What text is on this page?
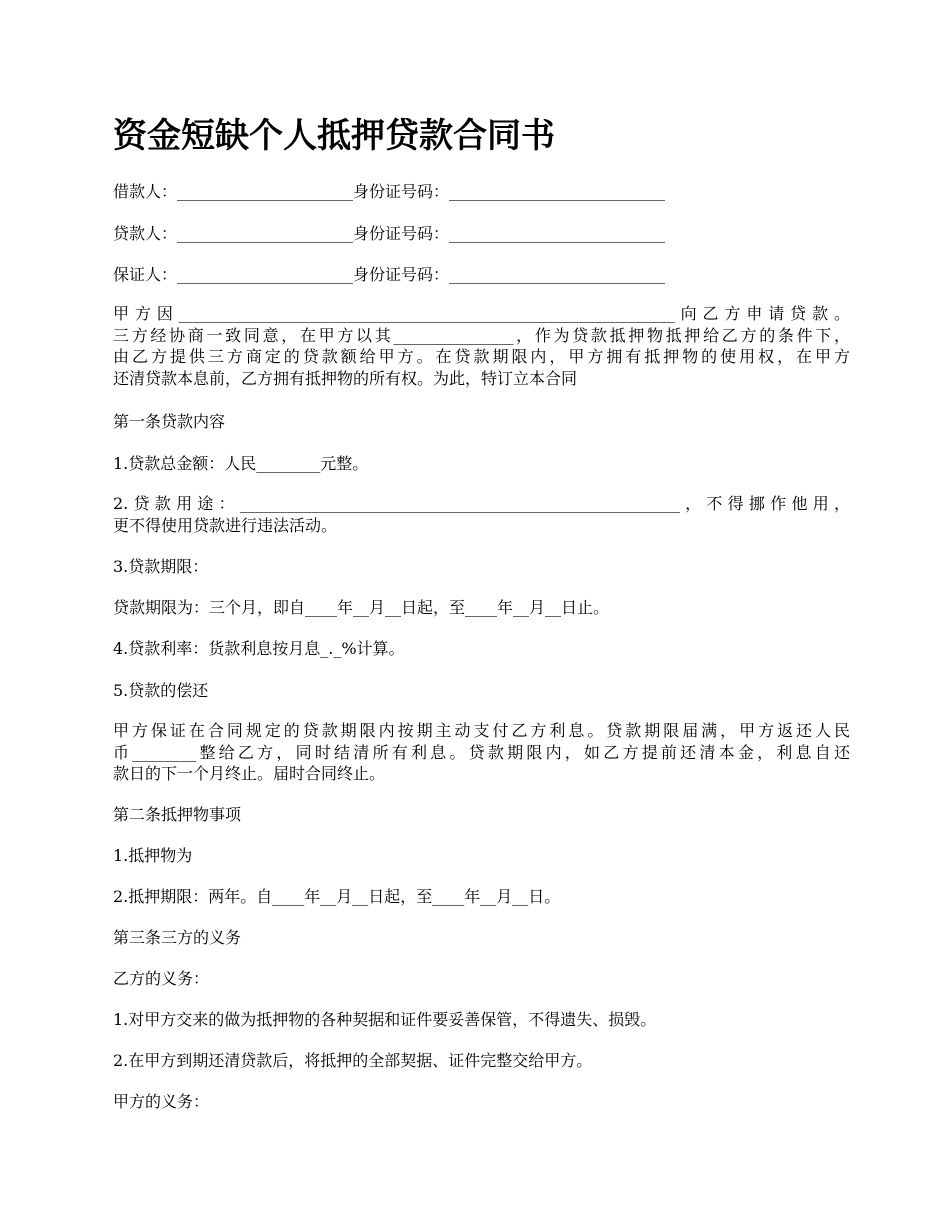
资金短缺个人抵押贷款合同书
借款人：______________________身份证号码：___________________________
贷款人：______________________身份证号码：___________________________
保证人：______________________身份证号码：___________________________
甲方因______________________________________________________________向乙方申请贷款。
三方经协商一致同意，在甲方以其_______________，作为贷款抵押物抵押给乙方的条件下，
由乙方提供三方商定的贷款额给甲方。在贷款期限内，甲方拥有抵押物的使用权，在甲方
还清贷款本息前，乙方拥有抵押物的所有权。为此，特订立本合同
第一条贷款内容
1.贷款总金额：人民________元整。
2.贷款用途：_______________________________________________________，不得挪作他用，
更不得使用贷款进行违法活动。
3.贷款期限：
贷款期限为：三个月，即自____年__月__日起，至____年__月__日止。
4.贷款利率：货款利息按月息_._%计算。
5.贷款的偿还
甲方保证在合同规定的贷款期限内按期主动支付乙方利息。贷款期限届满，甲方返还人民
币________整给乙方，同时结清所有利息。贷款期限内，如乙方提前还清本金，利息自还
款日的下一个月终止。届时合同终止。
第二条抵押物事项
1.抵押物为
2.抵押期限：两年。自____年__月__日起，至____年__月__日。
第三条三方的义务
乙方的义务：
1.对甲方交来的做为抵押物的各种契据和证件要妥善保管，不得遗失、损毁。
2.在甲方到期还清贷款后，将抵押的全部契据、证件完整交给甲方。
甲方的义务：
